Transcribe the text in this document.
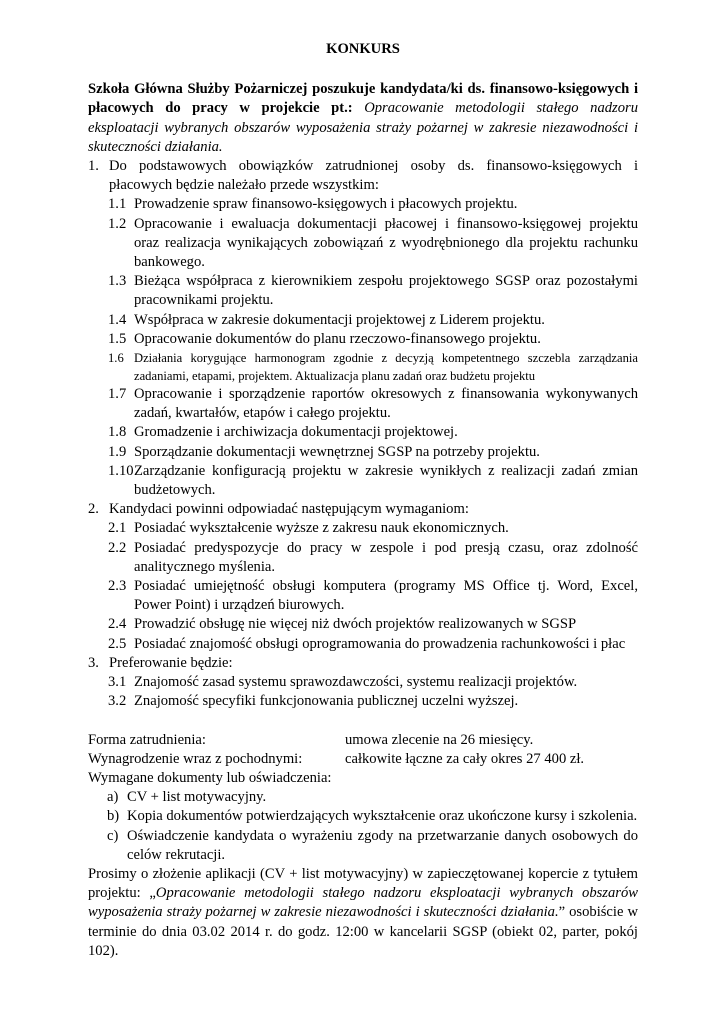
KONKURS

Szkoła Główna Służby Pożarniczej poszukuje kandydata/ki ds. finansowo-księgowych i płacowych do pracy w projekcie pt.: Opracowanie metodologii stałego nadzoru eksploatacji wybranych obszarów wyposażenia straży pożarnej w zakresie niezawodności i skuteczności działania.

1. Do podstawowych obowiązków zatrudnionej osoby ds. finansowo-księgowych i płacowych będzie należało przede wszystkim:
1.1 Prowadzenie spraw finansowo-księgowych i płacowych projektu.
1.2 Opracowanie i ewaluacja dokumentacji płacowej i finansowo-księgowej projektu oraz realizacja wynikających zobowiązań z wyodrębnionego dla projektu rachunku bankowego.
1.3 Bieżąca współpraca z kierownikiem zespołu projektowego SGSP oraz pozostałymi pracownikami projektu.
1.4 Współpraca w zakresie dokumentacji projektowej z Liderem projektu.
1.5 Opracowanie dokumentów do planu rzeczowo-finansowego projektu.
1.6 Działania korygujące harmonogram zgodnie z decyzją kompetentnego szczebla zarządzania zadaniami, etapami, projektem. Aktualizacja planu zadań oraz budżetu projektu
1.7 Opracowanie i sporządzenie raportów okresowych z finansowania wykonywanych zadań, kwartałów, etapów i całego projektu.
1.8 Gromadzenie i archiwizacja dokumentacji projektowej.
1.9 Sporządzanie dokumentacji wewnętrznej SGSP na potrzeby projektu.
1.10 Zarządzanie konfiguracją projektu w zakresie wynikłych z realizacji zadań zmian budżetowych.
2. Kandydaci powinni odpowiadać następującym wymaganiom:
2.1 Posiadać wykształcenie wyższe z zakresu nauk ekonomicznych.
2.2 Posiadać predyspozycje do pracy w zespole i pod presją czasu, oraz zdolność analitycznego myślenia.
2.3 Posiadać umiejętność obsługi komputera (programy MS Office tj. Word, Excel, Power Point) i urządzeń biurowych.
2.4 Prowadzić obsługę nie więcej niż dwóch projektów realizowanych w SGSP
2.5 Posiadać znajomość obsługi oprogramowania do prowadzenia rachunkowości i płac
3. Preferowanie będzie:
3.1 Znajomość zasad systemu sprawozdawczości, systemu realizacji projektów.
3.2 Znajomość specyfiki funkcjonowania publicznej uczelni wyższej.
Forma zatrudnienia:	umowa zlecenie na 26 miesięcy.
Wynagrodzenie wraz z pochodnymi:	całkowite łączne za cały okres 27 400 zł.
Wymagane dokumenty lub oświadczenia:
a) CV + list motywacyjny.
b) Kopia dokumentów potwierdzających wykształcenie oraz ukończone kursy i szkolenia.
c) Oświadczenie kandydata o wyrażeniu zgody na przetwarzanie danych osobowych do celów rekrutacji.

Prosimy o złożenie aplikacji (CV + list motywacyjny) w zapieczętowanej kopercie z tytułem projektu: „Opracowanie metodologii stałego nadzoru eksploatacji wybranych obszarów wyposażenia straży pożarnej w zakresie niezawodności i skuteczności działania.” osobiście w terminie do dnia 03.02 2014 r. do godz. 12:00 w kancelarii SGSP (obiekt 02, parter, pokój 102).
